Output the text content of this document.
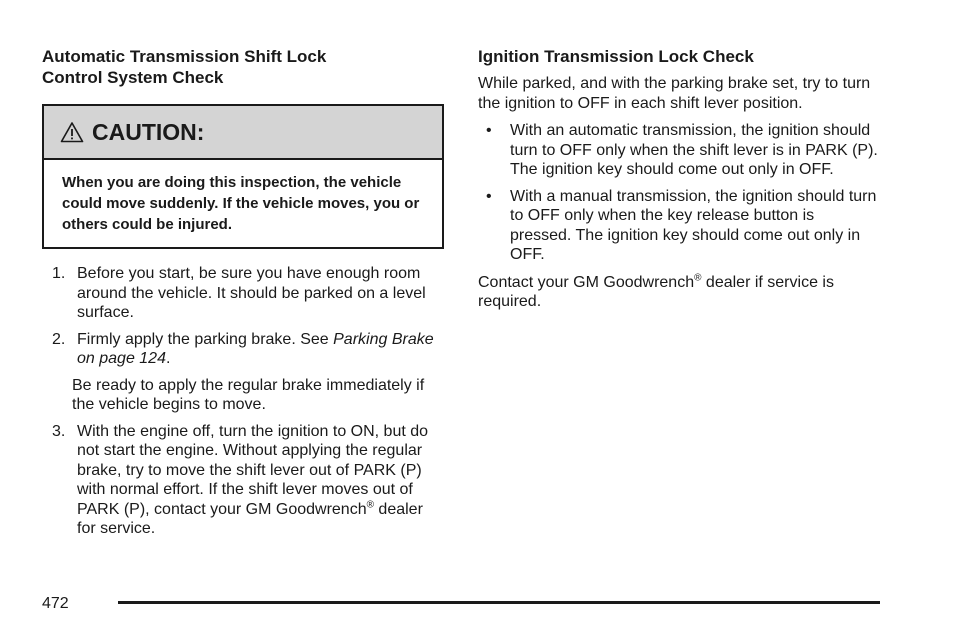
Automatic Transmission Shift Lock
Control System Check
CAUTION:
When you are doing this inspection, the vehicle could move suddenly. If the vehicle moves, you or others could be injured.
1. Before you start, be sure you have enough room around the vehicle. It should be parked on a level surface.
2. Firmly apply the parking brake. See Parking Brake on page 124.
Be ready to apply the regular brake immediately if the vehicle begins to move.
3. With the engine off, turn the ignition to ON, but do not start the engine. Without applying the regular brake, try to move the shift lever out of PARK (P) with normal effort. If the shift lever moves out of PARK (P), contact your GM Goodwrench® dealer for service.
Ignition Transmission Lock Check
While parked, and with the parking brake set, try to turn the ignition to OFF in each shift lever position.
• With an automatic transmission, the ignition should turn to OFF only when the shift lever is in PARK (P). The ignition key should come out only in OFF.
• With a manual transmission, the ignition should turn to OFF only when the key release button is pressed. The ignition key should come out only in OFF.
Contact your GM Goodwrench® dealer if service is required.
472
